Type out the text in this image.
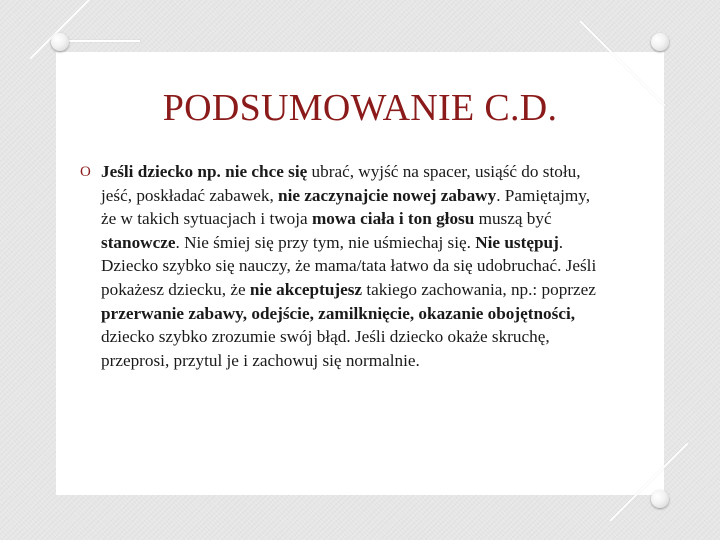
PODSUMOWANIE C.D.
O Jeśli dziecko np. nie chce się ubrać, wyjść na spacer, usiąść do stołu, jeść, poskładać zabawek, nie zaczynajcie nowej zabawy. Pamiętajmy, że w takich sytuacjach i twoja mowa ciała i ton głosu muszą być stanowcze. Nie śmiej się przy tym, nie uśmiechaj się. Nie ustępuj. Dziecko szybko się nauczy, że mama/tata łatwo da się udobruchać. Jeśli pokażesz dziecku, że nie akceptujesz takiego zachowania, np.: poprzez przerwanie zabawy, odejście, zamilknięcie, okazanie obojętności, dziecko szybko zrozumie swój błąd. Jeśli dziecko okaże skruchę, przeprosi, przytul je i zachowuj się normalnie.
